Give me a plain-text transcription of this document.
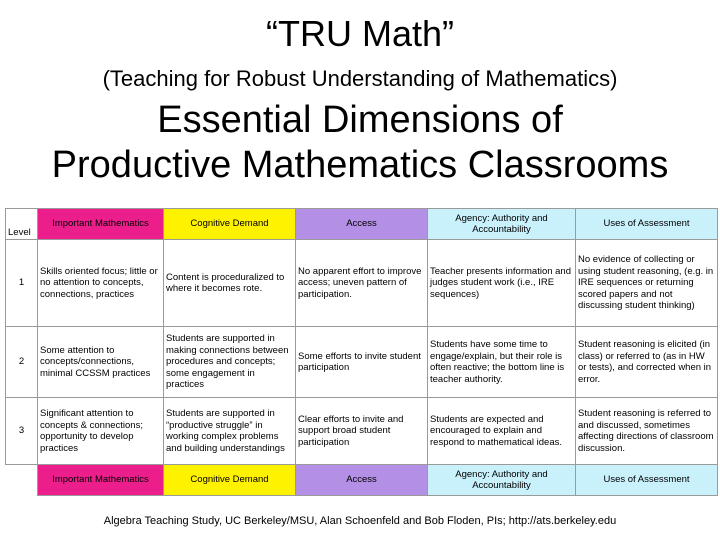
“TRU Math”
(Teaching for Robust Understanding of Mathematics)
Essential Dimensions of
Productive Mathematics Classrooms
Level	Important Mathematics	Cognitive Demand	Access	Agency: Authority and Accountability	Uses of Assessment
1	Skills oriented focus; little or no attention to concepts, connections, practices	Content is proceduralized to where it becomes rote.	No apparent effort to improve access; uneven pattern of participation.	Teacher presents information and judges student work (i.e., IRE sequences)	No evidence of collecting or using student reasoning, (e.g. in IRE sequences or returning scored papers and not discussing student thinking)
2	Some attention to concepts/connections, minimal CCSSM practices	Students are supported in making connections between procedures and concepts; some engagement in practices	Some efforts to invite student participation	Students have some time to engage/explain, but their role is often reactive; the bottom line is teacher authority.	Student reasoning is elicited (in class) or referred to (as in HW or tests), and corrected when in error.
3	Significant attention to concepts & connections; opportunity to develop practices	Students are supported in “productive struggle” in working complex problems and building understandings	Clear efforts to invite and support broad student participation	Students are expected and encouraged to explain and respond to mathematical ideas.	Student reasoning is referred to and discussed, sometimes affecting directions of classroom discussion.
	Important Mathematics	Cognitive Demand	Access	Agency: Authority and Accountability	Uses of Assessment
Algebra Teaching Study, UC Berkeley/MSU, Alan Schoenfeld and Bob Floden, PIs; http://ats.berkeley.edu
